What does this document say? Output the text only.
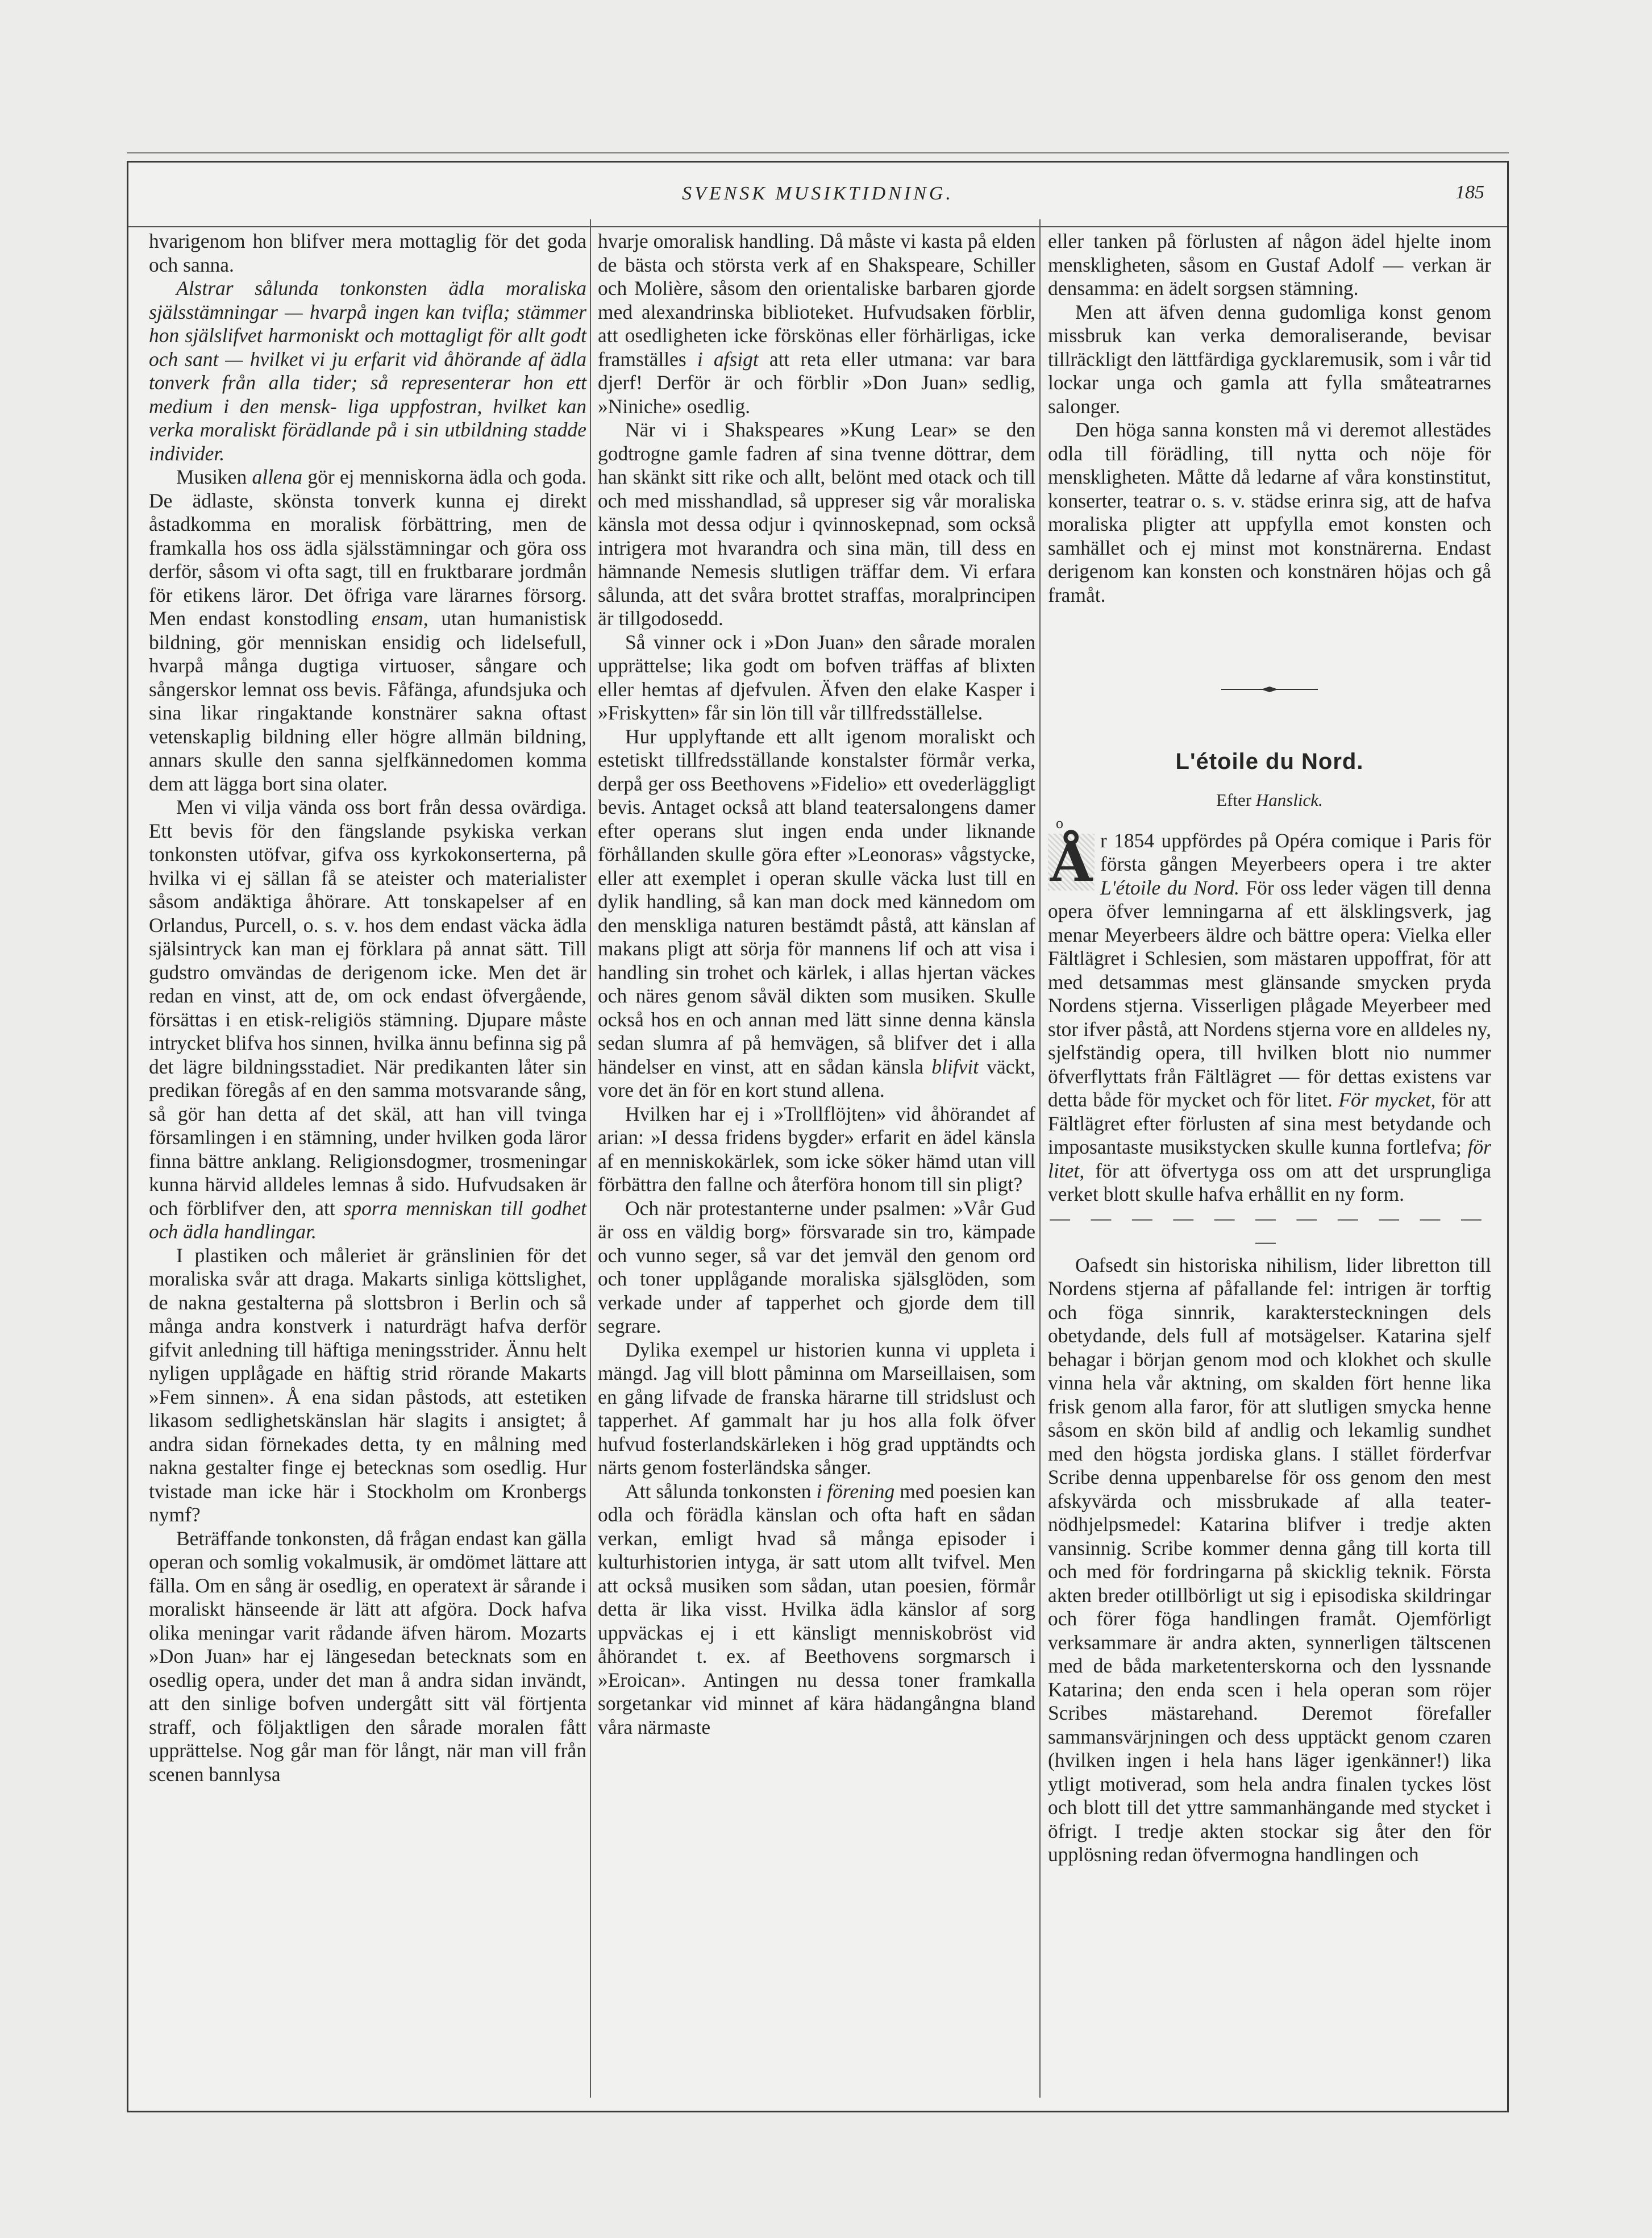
SVENSK MUSIKTIDNING.	185

hvarigenom hon blifver mera mottaglig för det goda och sanna.

Alstrar sålunda tonkonsten ädla moraliska själsstämningar — hvarpå ingen kan tvifla; stämmer hon själslifvet harmoniskt och mottagligt för allt godt och sant — hvilket vi ju erfarit vid åhörande af ädla tonverk från alla tider; så representerar hon ett medium i den mensk- liga uppfostran, hvilket kan verka moraliskt förädlande på i sin utbildning stadde individer.

Musiken allena gör ej menniskorna ädla och goda. De ädlaste, skönsta tonverk kunna ej direkt åstadkomma en moralisk förbättring, men de framkalla hos oss ädla själsstämningar och göra oss derför, såsom vi ofta sagt, till en fruktbarare jordmån för etikens läror. Det öfriga vare lärarnes försorg. Men endast konstodling ensam, utan humanistisk bildning, gör menniskan ensidig och lidelsefull, hvarpå många dugtiga virtuoser, sångare och sångerskor lemnat oss bevis. Fåfänga, afundsjuka och sina likar ringaktande konstnärer sakna oftast vetenskaplig bildning eller högre allmän bildning, annars skulle den sanna sjelfkännedomen komma dem att lägga bort sina olater.

Men vi vilja vända oss bort från dessa ovärdiga. Ett bevis för den fängslande psykiska verkan tonkonsten utöfvar, gifva oss kyrkokonserterna, på hvilka vi ej sällan få se ateister och materialister såsom andäktiga åhörare. Att tonskapelser af en Orlandus, Purcell, o. s. v. hos dem endast väcka ädla själsintryck kan man ej förklara på annat sätt. Till gudstro omvändas de derigenom icke. Men det är redan en vinst, att de, om ock endast öfvergående, försättas i en etisk-religiös stämning. Djupare måste intrycket blifva hos sinnen, hvilka ännu befinna sig på det lägre bildningsstadiet. När predikanten låter sin predikan föregås af en den samma motsvarande sång, så gör han detta af det skäl, att han vill tvinga församlingen i en stämning, under hvilken goda läror finna bättre anklang. Religionsdogmer, trosmeningar kunna härvid alldeles lemnas å sido. Hufvudsaken är och förblifver den, att sporra menniskan till godhet och ädla handlingar.

I plastiken och måleriet är gränslinien för det moraliska svår att draga. Makarts sinliga köttslighet, de nakna gestalterna på slottsbron i Berlin och så många andra konstverk i naturdrägt hafva derför gifvit anledning till häftiga meningsstrider. Ännu helt nyligen upplågade en häftig strid rörande Makarts »Fem sinnen». Å ena sidan påstods, att estetiken likasom sedlighetskänslan här slagits i ansigtet; å andra sidan förnekades detta, ty en målning med nakna gestalter finge ej betecknas som osedlig. Hur tvistade man icke här i Stockholm om Kronbergs nymf?

Beträffande tonkonsten, då frågan endast kan gälla operan och somlig vokalmusik, är omdömet lättare att fälla. Om en sång är osedlig, en operatext är sårande i moraliskt hänseende är lätt att afgöra. Dock hafva olika meningar varit rådande äfven härom. Mozarts »Don Juan» har ej längesedan betecknats som en osedlig opera, under det man å andra sidan invändt, att den sinlige bofven undergått sitt väl förtjenta straff, och följaktligen den sårade moralen fått upprättelse. Nog går man för långt, när man vill från scenen bannlysa

hvarje omoralisk handling. Då måste vi kasta på elden de bästa och största verk af en Shakspeare, Schiller och Molière, såsom den orientaliske barbaren gjorde med alexandrinska biblioteket. Hufvudsaken förblir, att osedligheten icke förskönas eller förhärligas, icke framställes i afsigt att reta eller utmana: var bara djerf! Derför är och förblir »Don Juan» sedlig, »Niniche» osedlig.

När vi i Shakspeares »Kung Lear» se den godtrogne gamle fadren af sina tvenne döttrar, dem han skänkt sitt rike och allt, belönt med otack och till och med misshandlad, så uppreser sig vår moraliska känsla mot dessa odjur i qvinnoskepnad, som också intrigera mot hvarandra och sina män, till dess en hämnande Nemesis slutligen träffar dem. Vi erfara sålunda, att det svåra brottet straffas, moralprincipen är tillgodosedd.

Så vinner ock i »Don Juan» den sårade moralen upprättelse; lika godt om bofven träffas af blixten eller hemtas af djefvulen. Äfven den elake Kasper i »Friskytten» får sin lön till vår tillfredsställelse.

Hur upplyftande ett allt igenom moraliskt och estetiskt tillfredsställande konstalster förmår verka, derpå ger oss Beethovens »Fidelio» ett ovederläggligt bevis. Antaget också att bland teatersalongens damer efter operans slut ingen enda under liknande förhållanden skulle göra efter »Leonoras» vågstycke, eller att exemplet i operan skulle väcka lust till en dylik handling, så kan man dock med kännedom om den menskliga naturen bestämdt påstå, att känslan af makans pligt att sörja för mannens lif och att visa i handling sin trohet och kärlek, i allas hjertan väckes och näres genom såväl dikten som musiken. Skulle också hos en och annan med lätt sinne denna känsla sedan slumra af på hemvägen, så blifver det i alla händelser en vinst, att en sådan känsla blifvit väckt, vore det än för en kort stund allena.

Hvilken har ej i »Trollflöjten» vid åhörandet af arian: »I dessa fridens bygder» erfarit en ädel känsla af en menniskokärlek, som icke söker hämd utan vill förbättra den fallne och återföra honom till sin pligt?

Och när protestanterne under psalmen: »Vår Gud är oss en väldig borg» försvarade sin tro, kämpade och vunno seger, så var det jemväl den genom ord och toner upplågande moraliska själsglöden, som verkade under af tapperhet och gjorde dem till segrare.

Dylika exempel ur historien kunna vi uppleta i mängd. Jag vill blott påminna om Marseillaisen, som en gång lifvade de franska härarne till stridslust och tapperhet. Af gammalt har ju hos alla folk öfver hufvud fosterlandskärleken i hög grad upptändts och närts genom fosterländska sånger.

Att sålunda tonkonsten i förening med poesien kan odla och förädla känslan och ofta haft en sådan verkan, emligt hvad så många episoder i kulturhistorien intyga, är satt utom allt tvifvel. Men att också musiken som sådan, utan poesien, förmår detta är lika visst. Hvilka ädla känslor af sorg uppväckas ej i ett känsligt menniskobröst vid åhörandet t. ex. af Beethovens sorgmarsch i »Eroican». Antingen nu dessa toner framkalla sorgetankar vid minnet af kära hädangångna bland våra närmaste

eller tanken på förlusten af någon ädel hjelte inom menskligheten, såsom en Gustaf Adolf — verkan är densamma: en ädelt sorgsen stämning.

Men att äfven denna gudomliga konst genom missbruk kan verka demoraliserande, bevisar tillräckligt den lättfärdiga gycklaremusik, som i vår tid lockar unga och gamla att fylla småteatrarnes salonger.

Den höga sanna konsten må vi deremot allestädes odla till förädling, till nytta och nöje för menskligheten. Måtte då ledarne af våra konstinstitut, konserter, teatrar o. s. v. städse erinra sig, att de hafva moraliska pligter att uppfylla emot konsten och samhället och ej minst mot konstnärerna. Endast derigenom kan konsten och konstnären höjas och gå framåt.

L'étoile du Nord.
Efter Hanslick.

o
Å r 1854 uppfördes på Opéra comique i Paris för första gången Meyerbeers opera i tre akter L'étoile du Nord. För oss leder vägen till denna opera öfver lemningarna af ett älsklingsverk, jag menar Meyerbeers äldre och bättre opera: Vielka eller Fältlägret i Schlesien, som mästaren uppoffrat, för att med detsammas mest glänsande smycken pryda Nordens stjerna. Visserligen plågade Meyerbeer med stor ifver påstå, att Nordens stjerna vore en alldeles ny, sjelfständig opera, till hvilken blott nio nummer öfverflyttats från Fältlägret — för dettas existens var detta både för mycket och för litet. För mycket, för att Fältlägret efter förlusten af sina mest betydande och imposantaste musikstycken skulle kunna fortlefva; för litet, för att öfvertyga oss om att det ursprungliga verket blott skulle hafva erhållit en ny form.

— — — — — — — — — — — —

Oafsedt sin historiska nihilism, lider libretton till Nordens stjerna af påfallande fel: intrigen är torftig och föga sinnrik, karaktersteckningen dels obetydande, dels full af motsägelser. Katarina sjelf behagar i början genom mod och klokhet och skulle vinna hela vår aktning, om skalden fört henne lika frisk genom alla faror, för att slutligen smycka henne såsom en skön bild af andlig och lekamlig sundhet med den högsta jordiska glans. I stället förderfvar Scribe denna uppenbarelse för oss genom den mest afskyvärda och missbrukade af alla teater-nödhjelpsmedel: Katarina blifver i tredje akten vansinnig. Scribe kommer denna gång till korta till och med för fordringarna på skicklig teknik. Första akten breder otillbörligt ut sig i episodiska skildringar och förer föga handlingen framåt. Ojemförligt verksammare är andra akten, synnerligen tältscenen med de båda marketenterskorna och den lyssnande Katarina; den enda scen i hela operan som röjer Scribes mästarehand. Deremot förefaller sammansvärjningen och dess upptäckt genom czaren (hvilken ingen i hela hans läger igenkänner!) lika ytligt motiverad, som hela andra finalen tyckes löst och blott till det yttre sammanhängande med stycket i öfrigt. I tredje akten stockar sig åter den för upplösning redan öfvermogna handlingen och
